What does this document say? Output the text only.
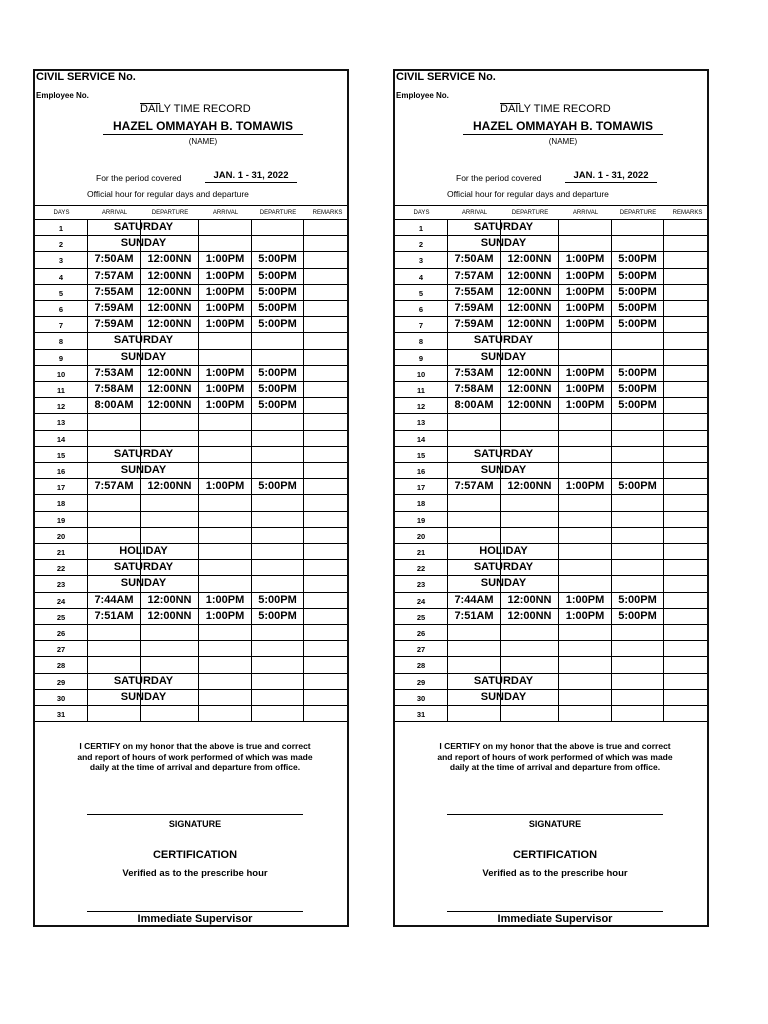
CIVIL SERVICE No.
Employee No.
DAILY TIME RECORD
HAZEL OMMAYAH B. TOMAWIS
(NAME)
For the period covered	JAN. 1 - 31, 2022
Official hour for regular days and departure
DAYS	ARRIVAL	DEPARTURE	ARRIVAL	DEPARTURE	REMARKS
1	SATURDAY
2	SUNDAY
3	7:50AM	12:00NN	1:00PM	5:00PM
4	7:57AM	12:00NN	1:00PM	5:00PM
5	7:55AM	12:00NN	1:00PM	5:00PM
6	7:59AM	12:00NN	1:00PM	5:00PM
7	7:59AM	12:00NN	1:00PM	5:00PM
8	SATURDAY
9	SUNDAY
10	7:53AM	12:00NN	1:00PM	5:00PM
11	7:58AM	12:00NN	1:00PM	5:00PM
12	8:00AM	12:00NN	1:00PM	5:00PM
13
14
15	SATURDAY
16	SUNDAY
17	7:57AM	12:00NN	1:00PM	5:00PM
18
19
20
21	HOLIDAY
22	SATURDAY
23	SUNDAY
24	7:44AM	12:00NN	1:00PM	5:00PM
25	7:51AM	12:00NN	1:00PM	5:00PM
26
27
28
29	SATURDAY
30	SUNDAY
31
I CERTIFY on my honor that the above is true and correct and report of hours of work performed of which was made daily at the time of arrival and departure from office.
SIGNATURE
CERTIFICATION
Verified as to the prescribe hour
Immediate Supervisor
CIVIL SERVICE No.
Employee No.
DAILY TIME RECORD
HAZEL OMMAYAH B. TOMAWIS
(NAME)
For the period covered	JAN. 1 - 31, 2022
Official hour for regular days and departure
DAYS	ARRIVAL	DEPARTURE	ARRIVAL	DEPARTURE	REMARKS
1	SATURDAY
2	SUNDAY
3	7:50AM	12:00NN	1:00PM	5:00PM
4	7:57AM	12:00NN	1:00PM	5:00PM
5	7:55AM	12:00NN	1:00PM	5:00PM
6	7:59AM	12:00NN	1:00PM	5:00PM
7	7:59AM	12:00NN	1:00PM	5:00PM
8	SATURDAY
9	SUNDAY
10	7:53AM	12:00NN	1:00PM	5:00PM
11	7:58AM	12:00NN	1:00PM	5:00PM
12	8:00AM	12:00NN	1:00PM	5:00PM
13
14
15	SATURDAY
16	SUNDAY
17	7:57AM	12:00NN	1:00PM	5:00PM
18
19
20
21	HOLIDAY
22	SATURDAY
23	SUNDAY
24	7:44AM	12:00NN	1:00PM	5:00PM
25	7:51AM	12:00NN	1:00PM	5:00PM
26
27
28
29	SATURDAY
30	SUNDAY
31
I CERTIFY on my honor that the above is true and correct and report of hours of work performed of which was made daily at the time of arrival and departure from office.
SIGNATURE
CERTIFICATION
Verified as to the prescribe hour
Immediate Supervisor
